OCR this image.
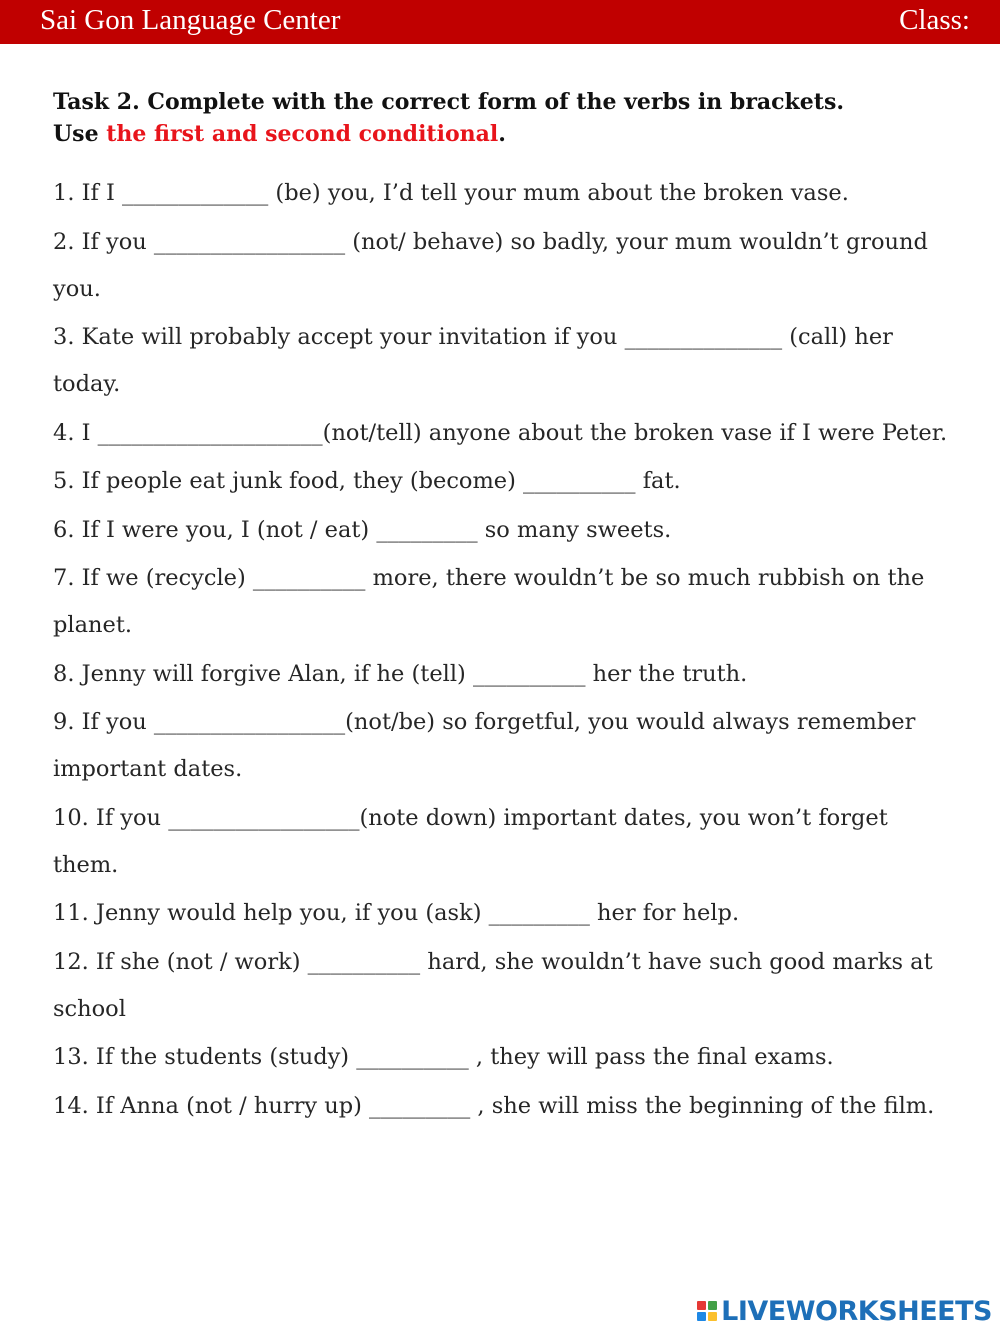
Sai Gon Language Center	Class:
Task 2. Complete with the correct form of the verbs in brackets.
Use the first and second conditional.
1. If I _____________ (be) you, I’d tell your mum about the broken vase.
2. If you _________________ (not/ behave) so badly, your mum wouldn’t ground you.
3. Kate will probably accept your invitation if you ______________ (call) her today.
4. I ____________________(not/tell) anyone about the broken vase if I were Peter.
5. If people eat junk food, they (become) __________ fat.
6. If I were you, I (not / eat) _________ so many sweets.
7. If we (recycle) __________ more, there wouldn’t be so much rubbish on the planet.
8. Jenny will forgive Alan, if he (tell) __________ her the truth.
9. If you _________________(not/be) so forgetful, you would always remember important dates.
10. If you _________________(note down) important dates, you won’t forget them.
11. Jenny would help you, if you (ask) _________ her for help.
12. If she (not / work) __________ hard, she wouldn’t have such good marks at school
13. If the students (study) __________ , they will pass the final exams.
14. If Anna (not / hurry up) _________ , she will miss the beginning of the film.
LIVEWORKSHEETS
